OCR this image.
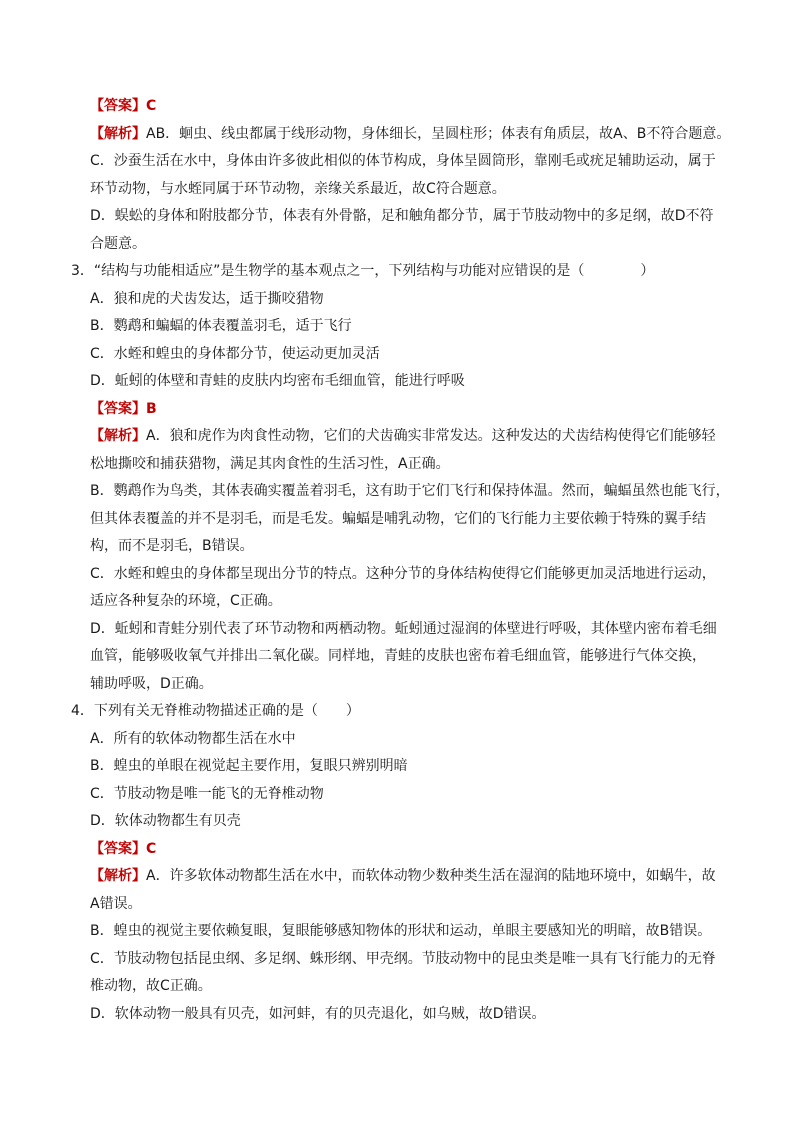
【答案】C
【解析】AB．蛔虫、线虫都属于线形动物，身体细长，呈圆柱形；体表有角质层，故A、B不符合题意。
C．沙蚕生活在水中，身体由许多彼此相似的体节构成，身体呈圆筒形，靠刚毛或疣足辅助运动，属于
环节动物，与水蛭同属于环节动物，亲缘关系最近，故C符合题意。
D．蜈蚣的身体和附肢都分节，体表有外骨骼，足和触角都分节，属于节肢动物中的多足纲，故D不符
合题意。
3．“结构与功能相适应”是生物学的基本观点之一，下列结构与功能对应错误的是（　　　　）
A．狼和虎的犬齿发达，适于撕咬猎物
B．鹦鹉和蝙蝠的体表覆盖羽毛，适于飞行
C．水蛭和蝗虫的身体都分节，使运动更加灵活
D．蚯蚓的体壁和青蛙的皮肤内均密布毛细血管，能进行呼吸
【答案】B
【解析】A．狼和虎作为肉食性动物，它们的犬齿确实非常发达。这种发达的犬齿结构使得它们能够轻
松地撕咬和捕获猎物，满足其肉食性的生活习性，A正确。
B．鹦鹉作为鸟类，其体表确实覆盖着羽毛，这有助于它们飞行和保持体温。然而，蝙蝠虽然也能飞行，
但其体表覆盖的并不是羽毛，而是毛发。蝙蝠是哺乳动物，它们的飞行能力主要依赖于特殊的翼手结
构，而不是羽毛，B错误。
C．水蛭和蝗虫的身体都呈现出分节的特点。这种分节的身体结构使得它们能够更加灵活地进行运动，
适应各种复杂的环境，C正确。
D．蚯蚓和青蛙分别代表了环节动物和两栖动物。蚯蚓通过湿润的体壁进行呼吸，其体壁内密布着毛细
血管，能够吸收氧气并排出二氧化碳。同样地，青蛙的皮肤也密布着毛细血管，能够进行气体交换，
辅助呼吸，D正确。
4．下列有关无脊椎动物描述正确的是（　　）
A．所有的软体动物都生活在水中
B．蝗虫的单眼在视觉起主要作用，复眼只辨别明暗
C．节肢动物是唯一能飞的无脊椎动物
D．软体动物都生有贝壳
【答案】C
【解析】A．许多软体动物都生活在水中，而软体动物少数种类生活在湿润的陆地环境中，如蜗牛，故
A错误。
B．蝗虫的视觉主要依赖复眼，复眼能够感知物体的形状和运动，单眼主要感知光的明暗，故B错误。
C．节肢动物包括昆虫纲、多足纲、蛛形纲、甲壳纲。节肢动物中的昆虫类是唯一具有飞行能力的无脊
椎动物，故C正确。
D．软体动物一般具有贝壳，如河蚌，有的贝壳退化，如乌贼，故D错误。
